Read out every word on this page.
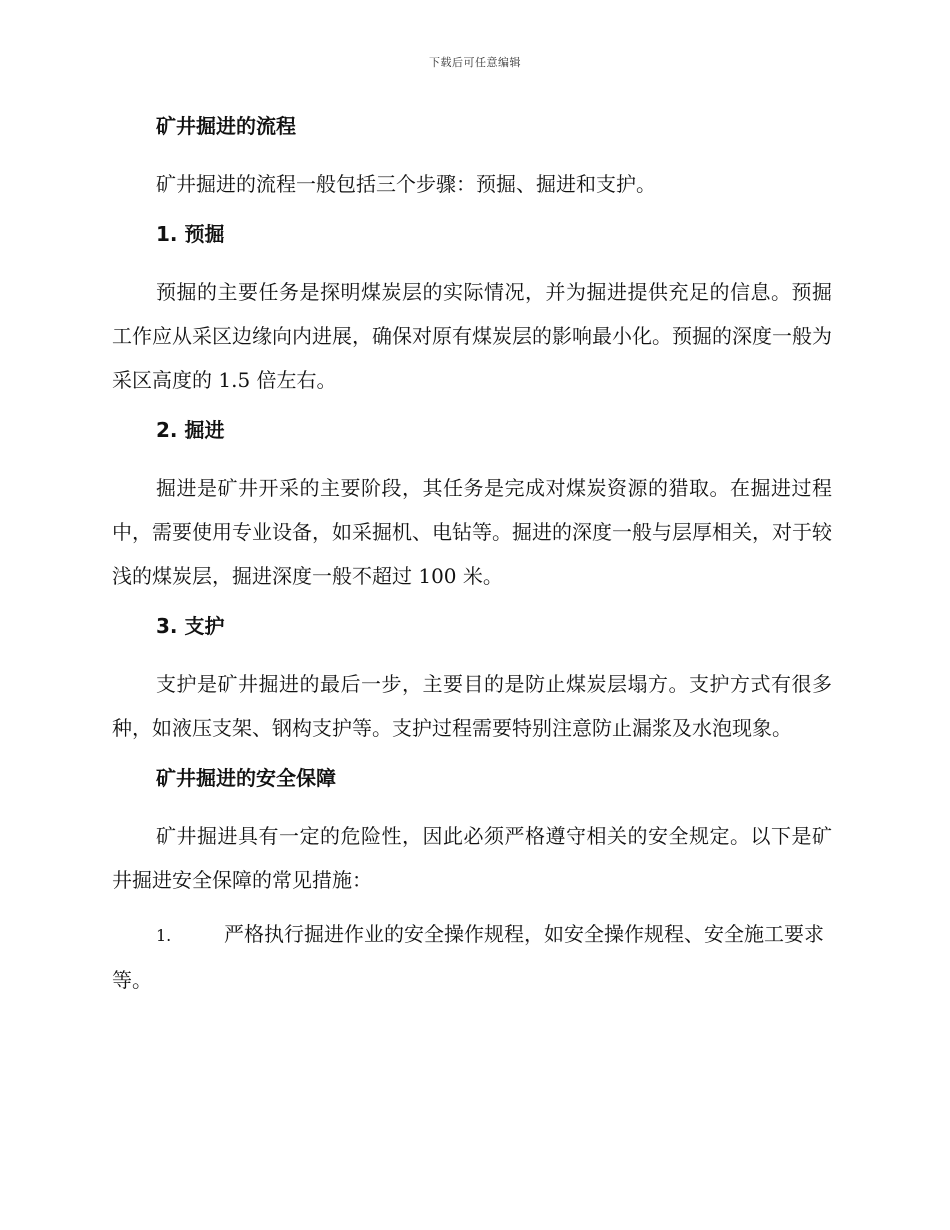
下载后可任意编辑
矿井掘进的流程

矿井掘进的流程一般包括三个步骤：预掘、掘进和支护。

1. 预掘

预掘的主要任务是探明煤炭层的实际情况，并为掘进提供充足的信息。预掘工作应从采区边缘向内进展，确保对原有煤炭层的影响最小化。预掘的深度一般为采区高度的 1.5 倍左右。

2. 掘进

掘进是矿井开采的主要阶段，其任务是完成对煤炭资源的猎取。在掘进过程中，需要使用专业设备，如采掘机、电钻等。掘进的深度一般与层厚相关，对于较浅的煤炭层，掘进深度一般不超过 100 米。

3. 支护

支护是矿井掘进的最后一步，主要目的是防止煤炭层塌方。支护方式有很多种，如液压支架、钢构支护等。支护过程需要特别注意防止漏浆及水泡现象。

矿井掘进的安全保障

矿井掘进具有一定的危险性，因此必须严格遵守相关的安全规定。以下是矿井掘进安全保障的常见措施：

1.	严格执行掘进作业的安全操作规程，如安全操作规程、安全施工要求等。
